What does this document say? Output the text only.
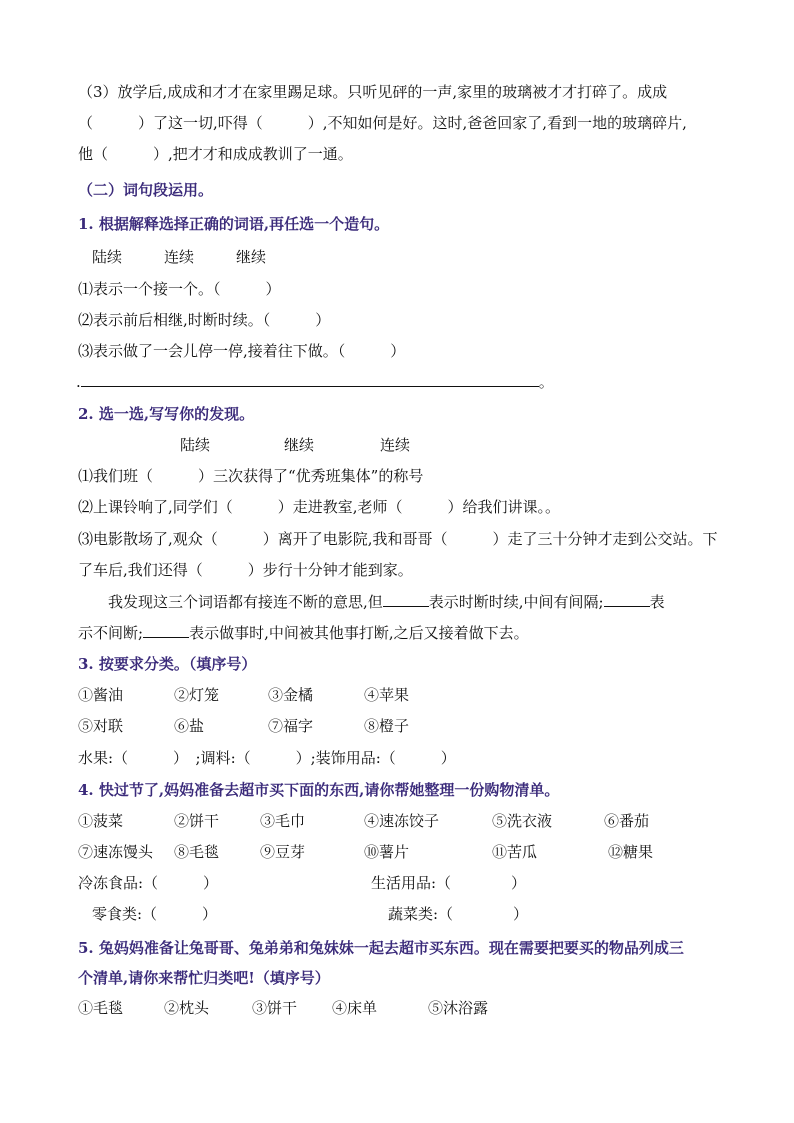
（3）放学后,成成和才才在家里踢足球。只听见砰的一声,家里的玻璃被才才打碎了。成成
（　　　）了这一切,吓得（　　　）,不知如何是好。这时,爸爸回家了,看到一地的玻璃碎片,
他（　　　）,把才才和成成教训了一通。
（二）词句段运用。
1. 根据解释选择正确的词语,再任选一个造句。
陆续	连续	继续
⑴表示一个接一个。（　　　）
⑵表示前后相继,时断时续。（　　　）
⑶表示做了一会儿停一停,接着往下做。（　　　）
.	。
2. 选一选,写写你的发现。
陆续	继续	连续
⑴我们班（　　　）三次获得了“优秀班集体”的称号
⑵上课铃响了,同学们（　　　）走进教室,老师（　　　）给我们讲课。。
⑶电影散场了,观众（　　　）离开了电影院,我和哥哥（　　　）走了三十分钟才走到公交站。下
了车后,我们还得（　　　）步行十分钟才能到家。
我发现这三个词语都有接连不断的意思,但	表示时断时续,中间有间隔;	表
示不间断;	表示做事时,中间被其他事打断,之后又接着做下去。
3. 按要求分类。（填序号）
①酱油	②灯笼	③金橘	④苹果
⑤对联	⑥盐	⑦福字	⑧橙子
水果:（　　　）　;调料:（　　　）;装饰用品:（　　　）
4. 快过节了,妈妈准备去超市买下面的东西,请你帮她整理一份购物清单。
①菠菜	②饼干	③毛巾	④速冻饺子	⑤洗衣液	⑥番茄
⑦速冻馒头 ⑧毛毯	⑨豆芽	⑩薯片	⑪苦瓜	⑫糖果
冷冻食品:（　　　）	生活用品:（　　　　）
零食类:（　　　）	蔬菜类:（　　　　）
5. 兔妈妈准备让兔哥哥、兔弟弟和兔妹妹一起去超市买东西。现在需要把要买的物品列成三
个清单,请你来帮忙归类吧!（填序号）
①毛毯	②枕头	③饼干 ④床单	⑤沐浴露
